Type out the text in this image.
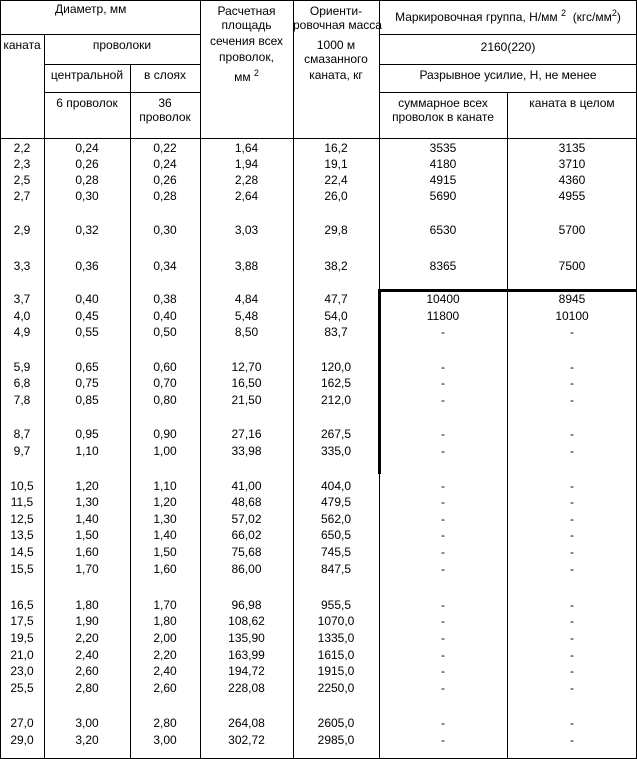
Диаметр, мм
каната	проволоки
центральной	в слоях
6 проволок	36
проволок
Расчетная
площадь
сечения всех
проволок,
мм $^2$
Ориенти-
ровочная масса
1000 м
смазанного
каната, кг
Маркировочная группа, Н/мм $^2$ $(кгс/мм^2)$
2160(220)
Разрывное усилие, Н, не менее
суммарное всех
проволок в канате
каната в целом
2,2	0,24	0,22	1,64	16,2	3535	3135
2,3	0,26	0,24	1,94	19,1	4180	3710
2,5	0,28	0,26	2,28	22,4	4915	4360
2,7	0,30	0,28	2,64	26,0	5690	4955
2,9	0,32	0,30	3,03	29,8	6530	5700
3,3	0,36	0,34	3,88	38,2	8365	7500
3,7	0,40	0,38	4,84	47,7	10400	8945
4,0	0,45	0,40	5,48	54,0	11800	10100
4,9	0,55	0,50	8,50	83,7	-	-
5,9	0,65	0,60	12,70	120,0	-	-
6,8	0,75	0,70	16,50	162,5	-	-
7,8	0,85	0,80	21,50	212,0	-	-
8,7	0,95	0,90	27,16	267,5	-	-
9,7	1,10	1,00	33,98	335,0	-	-
10,5	1,20	1,10	41,00	404,0	-	-
11,5	1,30	1,20	48,68	479,5	-	-
12,5	1,40	1,30	57,02	562,0	-	-
13,5	1,50	1,40	66,02	650,5	-	-
14,5	1,60	1,50	75,68	745,5	-	-
15,5	1,70	1,60	86,00	847,5	-	-
16,5	1,80	1,70	96,98	955,5	-	-
17,5	1,90	1,80	108,62	1070,0	-	-
19,5	2,20	2,00	135,90	1335,0	-	-
21,0	2,40	2,20	163,99	1615,0	-	-
23,0	2,60	2,40	194,72	1915,0	-	-
25,5	2,80	2,60	228,08	2250,0	-	-
27,0	3,00	2,80	264,08	2605,0	-	-
29,0	3,20	3,00	302,72	2985,0	-	-
